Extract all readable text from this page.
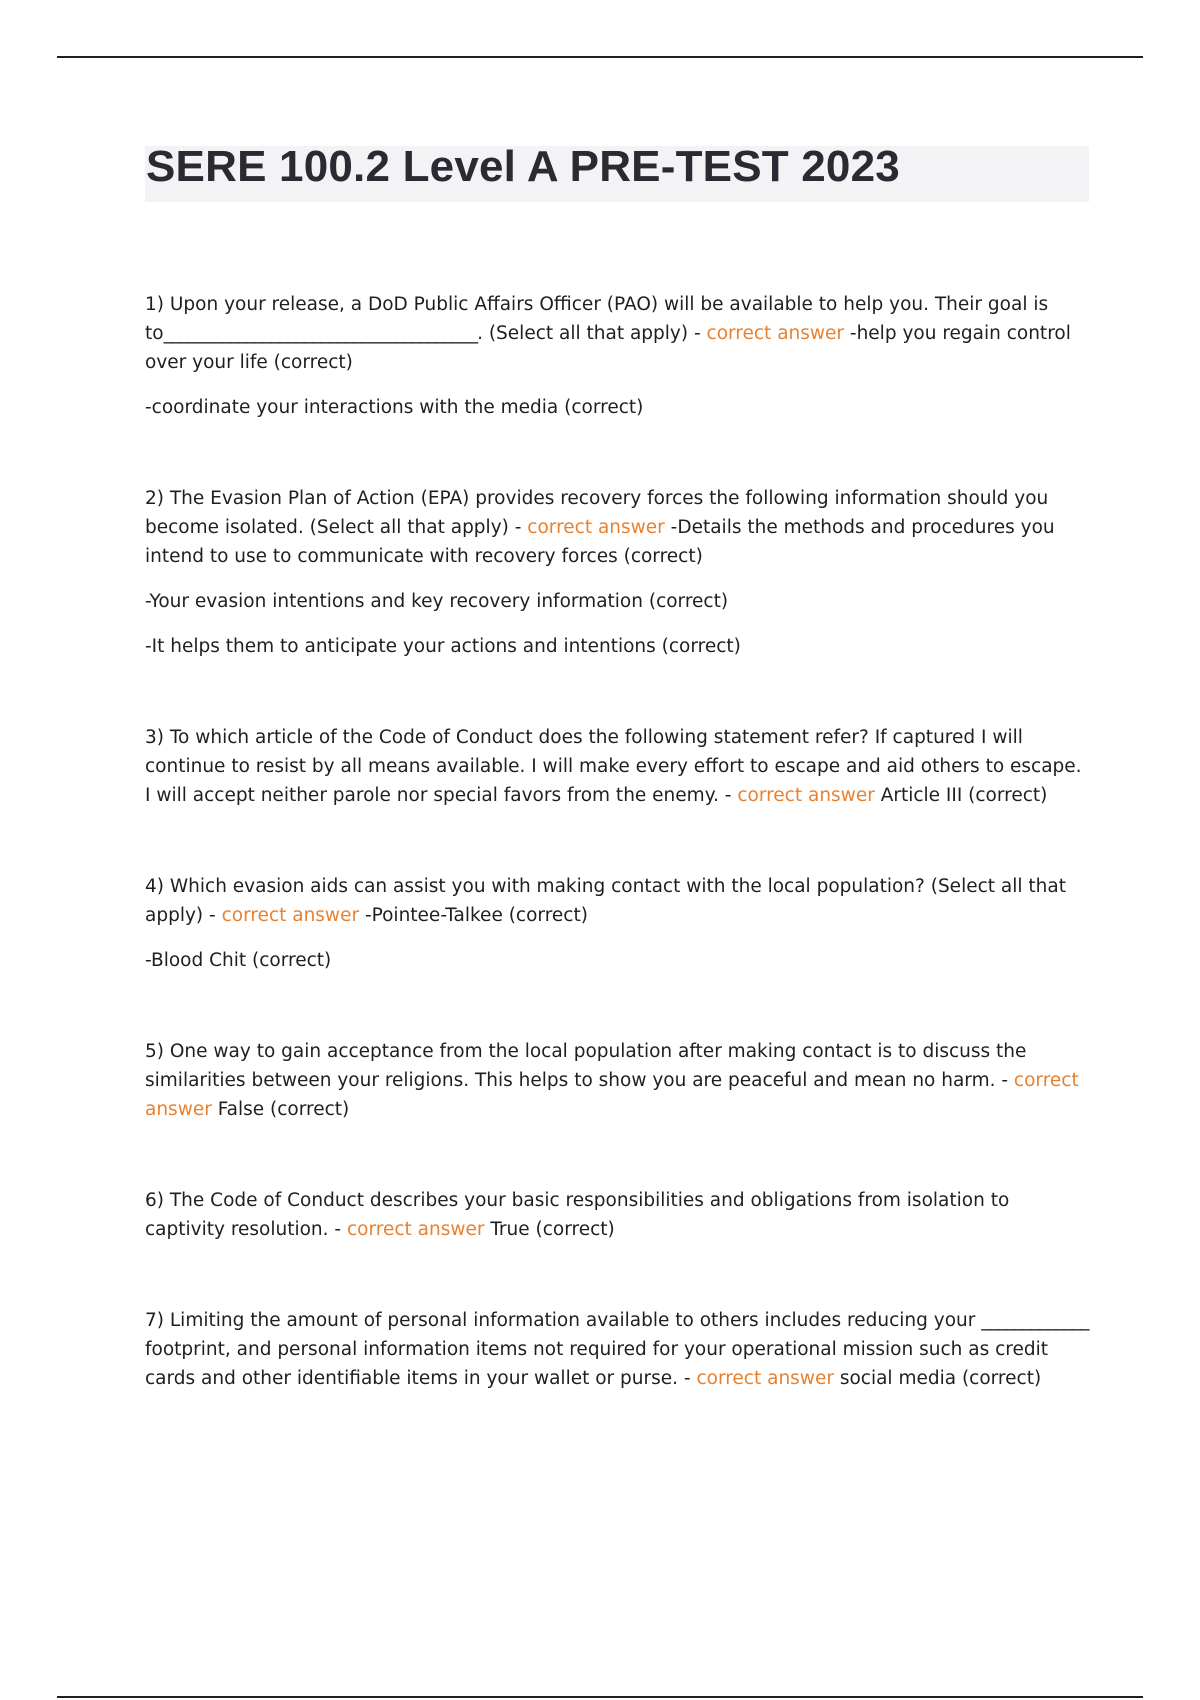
SERE 100.2 Level A PRE-TEST 2023

1) Upon your release, a DoD Public Affairs Officer (PAO) will be available to help you. Their goal is to______________________________________. (Select all that apply) - correct answer -help you regain control over your life (correct)

-coordinate your interactions with the media (correct)

2) The Evasion Plan of Action (EPA) provides recovery forces the following information should you become isolated. (Select all that apply) - correct answer -Details the methods and procedures you intend to use to communicate with recovery forces (correct)

-Your evasion intentions and key recovery information (correct)

-It helps them to anticipate your actions and intentions (correct)

3) To which article of the Code of Conduct does the following statement refer? If captured I will continue to resist by all means available. I will make every effort to escape and aid others to escape. I will accept neither parole nor special favors from the enemy. - correct answer Article III (correct)

4) Which evasion aids can assist you with making contact with the local population? (Select all that apply) - correct answer -Pointee-Talkee (correct)

-Blood Chit (correct)

5) One way to gain acceptance from the local population after making contact is to discuss the similarities between your religions. This helps to show you are peaceful and mean no harm. - correct answer False (correct)

6) The Code of Conduct describes your basic responsibilities and obligations from isolation to captivity resolution. - correct answer True (correct)

7) Limiting the amount of personal information available to others includes reducing your _____________ footprint, and personal information items not required for your operational mission such as credit cards and other identifiable items in your wallet or purse. - correct answer social media (correct)
